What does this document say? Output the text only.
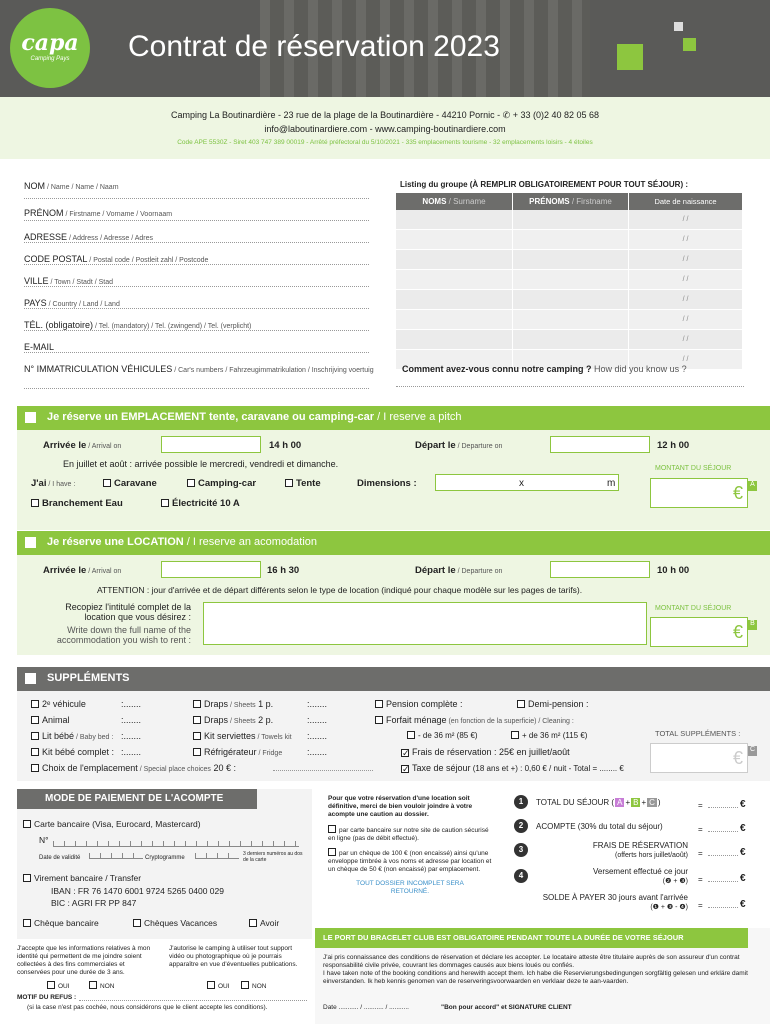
capa
Camping Pays	Contrat de réservation 2023
Camping La Boutinardière - 23 rue de la plage de la Boutinardière - 44210 Pornic - ✆ + 33 (0)2 40 82 05 68
info@laboutinardiere.com - www.camping-boutinardiere.com
Code APE 5530Z - Siret 403 747 389 00019 - Arrêté préfectoral du 5/10/2021 - 335 emplacements tourisme - 32 emplacements loisirs - 4 étoiles
NOM / Name / Name / Naam
PRÉNOM / Firstname / Vorname / Voornaam
ADRESSE / Address / Adresse / Adres
CODE POSTAL / Postal code / Postleit zahl / Postcode
VILLE / Town / Stadt / Stad
PAYS / Country / Land / Land
TÉL. (obligatoire) / Tel. (mandatory) / Tel. (zwingend) / Tel. (verplicht)
E-MAIL
N° IMMATRICULATION VÉHICULES / Car's numbers / Fahrzeugimmatrikulation / Inschrijving voertuig
Listing du groupe (À REMPLIR OBLIGATOIREMENT POUR TOUT SÉJOUR) :
NOMS / Surname	PRÉNOMS / Firstname	Date de naissance
/ /
/ /
/ /
/ /
/ /
/ /
/ /
/ /
Comment avez-vous connu notre camping ? How did you know us ?
Je réserve un EMPLACEMENT tente, caravane ou camping-car / I reserve a pitch
Arrivée le / Arrival on	14 h 00	Départ le / Departure on	12 h 00
En juillet et août : arrivée possible le mercredi, vendredi et dimanche.	MONTANT DU SÉJOUR
J'ai / I have :	Caravane	Camping-car	Tente	Dimensions :	x	m
Branchement Eau	Électricité 10 A
€	A
Je réserve une LOCATION / I reserve an acomodation
Arrivée le / Arrival on	16 h 30	Départ le / Departure on	10 h 00
ATTENTION : jour d'arrivée et de départ différents selon le type de location (indiqué pour chaque modèle sur les pages de tarifs).
Recopiez l'intitulé complet de la
location que vous désirez :
Write down the full name of the
accommodation you wish to rent :
MONTANT DU SÉJOUR
€	B
SUPPLÉMENTS
2ᵉ véhicule	:.......
Animal	:.......
Lit bébé / Baby bed : :.......
Kit bébé complet : :.......
Choix de l'emplacement / Special place choices 20 € :
Draps / Sheets 1 p.	:.......
Draps / Sheets 2 p.	:.......
Kit serviettes / Towels kit :.......
Réfrigérateur / Fridge	:.......
Pension complète :	Demi-pension :
Forfait ménage (en fonction de la superficie) / Cleaning :
- de 36 m² (85 €)	+ de 36 m² (115 €)
✓Frais de réservation : 25€ en juillet/août
✓Taxe de séjour (18 ans et +) : 0,60 € / nuit - Total = ........ €
TOTAL SUPPLÉMENTS :
€ C
MODE DE PAIEMENT DE L'ACOMPTE
Carte bancaire (Visa, Eurocard, Mastercard)
N°
Date de validité	Cryptogramme
3 derniers numéros au dos de la carte
Virement bancaire / Transfer
IBAN : FR 76 1470 6001 9724 5265 0400 029
BIC : AGRI FR PP 847
Chèque bancaire	Chèques Vacances	Avoir
Pour que votre réservation d'une location soit définitive, merci de bien vouloir joindre à votre acompte une caution au dossier.
par carte bancaire sur notre site de caution sécurisé en ligne (pas de débit effectué).
par un chèque de 100 € (non encaissé) ainsi qu'une enveloppe timbrée à vos noms et adresse par location et un chèque de 50 € (non encaissé) par emplacement.
TOUT DOSSIER INCOMPLET SERA RETOURNÉ.
1	TOTAL DU SÉJOUR ( A + B + C )	=	€
2	ACOMPTE (30% du total du séjour)	=	€
3	FRAIS DE RÉSERVATION
(offerts hors juillet/août) =	€
4	Versement effectué ce jour
(❷ + ❸) =	€
SOLDE À PAYER 30 jours avant l'arrivée
(❶ + ❸ - ❹) =	€
J'accepte que les informations relatives à mon identité qui permettent de me joindre soient collectées à des fins commerciales et conservées pour une durée de 3 ans.
J'autorise le camping à utiliser tout support vidéo ou photographique où je pourrais apparaître en vue d'éventuelles publications.
OUI	NON	OUI	NON
MOTIF DU REFUS :
(si la case n'est pas cochée, nous considérons que le client accepte les conditions).
LE PORT DU BRACELET CLUB EST OBLIGATOIRE PENDANT TOUTE LA DURÉE DE VOTRE SÉJOUR
J'ai pris connaissance des conditions de réservation et déclare les accepter. Le locataire atteste être titulaire auprès de son assureur d'un contrat responsabilité civile privée, couvrant les dommages causés aux biens loués ou confiés.
I have taken note of the booking conditions and herewith accept them. Ich habe die Reservierungsbedingungen sorgfältig gelesen und erkläre damit einverstanden. Ik heb kennis genomen van de reserveringsvoorwaarden en verklaar deze te aan-vaarden.
Date ........... / ........... / ...........	"Bon pour accord" et SIGNATURE CLIENT
